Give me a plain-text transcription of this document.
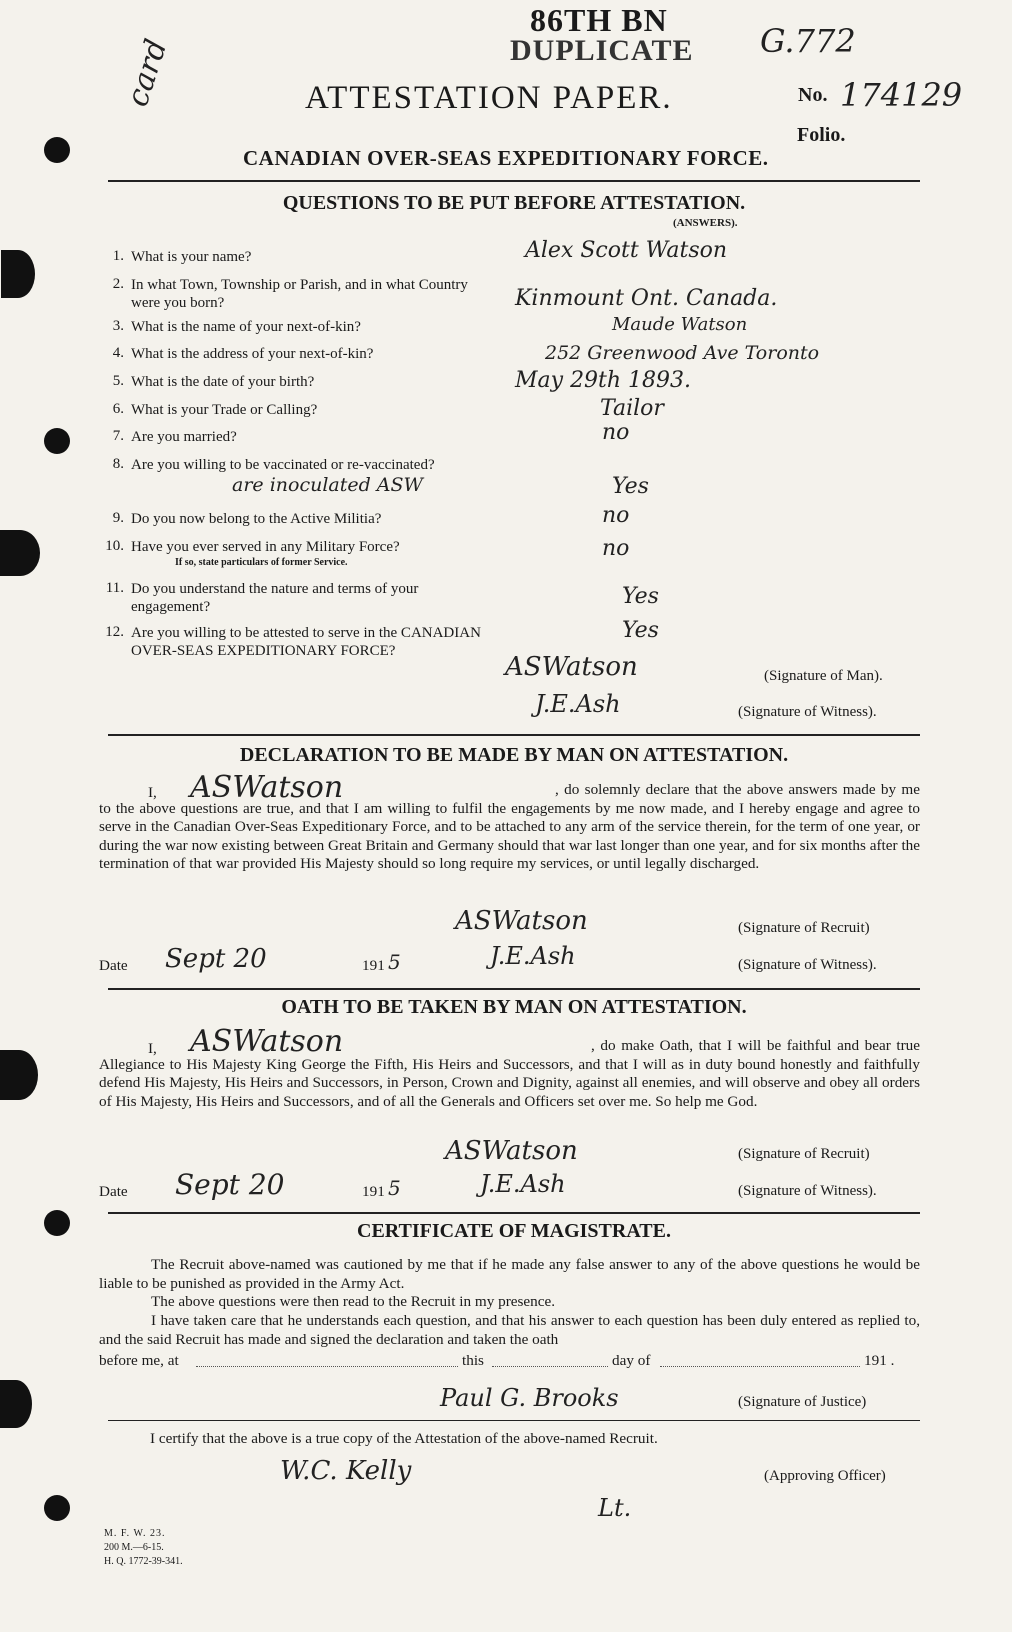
86TH BN
DUPLICATE G.772
card	ATTESTATION PAPER.	No. 174129
Folio.
CANADIAN OVER-SEAS EXPEDITIONARY FORCE.
QUESTIONS TO BE PUT BEFORE ATTESTATION.
(ANSWERS).
1. What is your name?	Alex Scott Watson
2. In what Town, Township or Parish, and in what Country were you born?	Kinmount Ont. Canada.
3. What is the name of your next-of-kin?	Maude Watson
4. What is the address of your next-of-kin?	252 Greenwood Ave Toronto
5. What is the date of your birth?	May 29th 1893.
6. What is your Trade or Calling?	Tailor
7. Are you married?	no
8. Are you willing to be vaccinated or re-vaccinated?
are inoculated ASW	Yes
9. Do you now belong to the Active Militia?	no
10. Have you ever served in any Military Force?
If so, state particulars of former Service.
no
11. Do you understand the nature and terms of your engagement?	Yes
12. Are you willing to be attested to serve in the CANADIAN OVER-SEAS EXPEDITIONARY FORCE?
Yes
ASWatson	(Signature of Man).
J.E.Ash	(Signature of Witness).
DECLARATION TO BE MADE BY MAN ON ATTESTATION.
I, ASWatson	, do solemnly declare that the above answers made by me to the above questions are true, and that I am willing to fulfil the engagements by me now made, and I hereby engage and agree to serve in the Canadian Over-Seas Expeditionary Force, and to be attached to any arm of the service therein, for the term of one year, or during the war now existing between Great Britain and Germany should that war last longer than one year, and for six months after the termination of that war provided His Majesty should so long require my services, or until legally discharged.
ASWatson	(Signature of Recruit)
Date Sept 20	191 5	J.E.Ash	(Signature of Witness).
OATH TO BE TAKEN BY MAN ON ATTESTATION.
I, ASWatson	, do make Oath, that I will be faithful and bear true Allegiance to His Majesty King George the Fifth, His Heirs and Successors, and that I will as in duty bound honestly and faithfully defend His Majesty, His Heirs and Successors, in Person, Crown and Dignity, against all enemies, and will observe and obey all orders of His Majesty, His Heirs and Successors, and of all the Generals and Officers set over me. So help me God.
ASWatson	(Signature of Recruit)
Date Sept 20	191 5	J.E.Ash	(Signature of Witness).
CERTIFICATE OF MAGISTRATE.
The Recruit above-named was cautioned by me that if he made any false answer to any of the above questions he would be liable to be punished as provided in the Army Act.
The above questions were then read to the Recruit in my presence.
I have taken care that he understands each question, and that his answer to each question has been duly entered as replied to, and the said Recruit has made and signed the declaration and taken the oath
before me, at	this	day of	191 .
Paul G. Brooks	(Signature of Justice)
I certify that the above is a true copy of the Attestation of the above-named Recruit.
W.C. Kelly
Lt.
(Approving Officer)
M. F. W. 23.
200 M.—6-15.
H. Q. 1772-39-341.
